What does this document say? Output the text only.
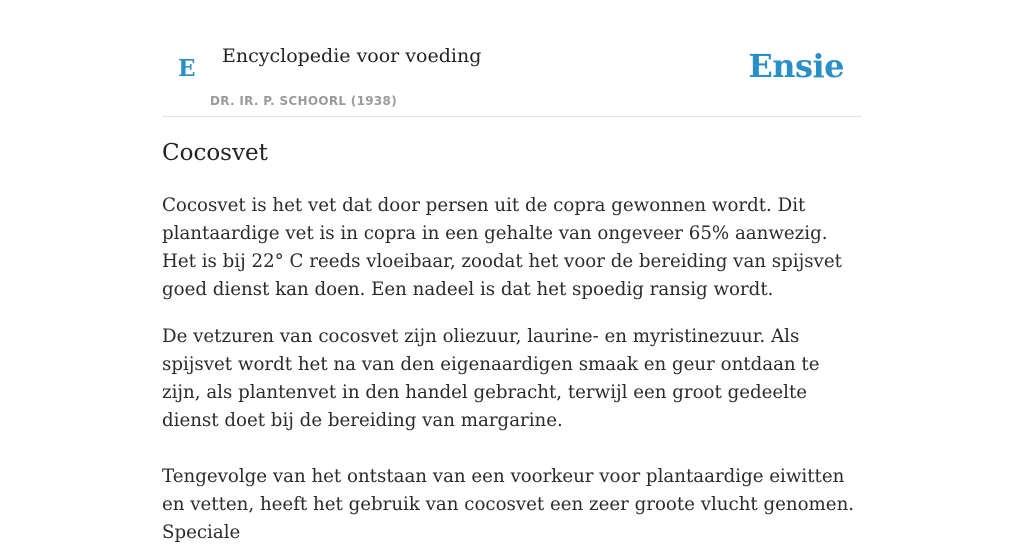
E Encyclopedie voor voeding
DR. IR. P. SCHOORL (1938)
Ensie
Cocosvet

Cocosvet is het vet dat door persen uit de copra gewonnen wordt. Dit plantaardige vet is in copra in een gehalte van ongeveer 65% aanwezig. Het is bij 22° C reeds vloeibaar, zoodat het voor de bereiding van spijsvet goed dienst kan doen. Een nadeel is dat het spoedig ransig wordt.

De vetzuren van cocosvet zijn oliezuur, laurine- en myristinezuur. Als spijsvet wordt het na van den eigenaardigen smaak en geur ontdaan te zijn, als plantenvet in den handel gebracht, terwijl een groot gedeelte dienst doet bij de bereiding van margarine.

Tengevolge van het ontstaan van een voorkeur voor plantaardige eiwitten en vetten, heeft het gebruik van cocosvet een zeer groote vlucht genomen. Speciale
